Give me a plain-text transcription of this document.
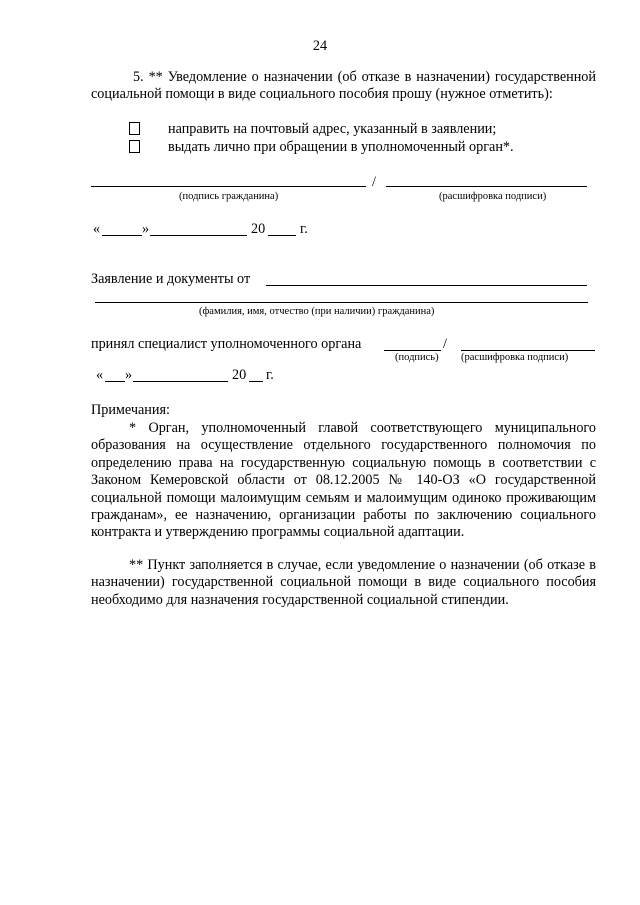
24
5. ** Уведомление о назначении (об отказе в назначении) государственной социальной помощи в виде социального пособия прошу (нужное отметить):
направить на почтовый адрес, указанный в заявлении;
выдать лично при обращении в уполномоченный орган*.
/
(подпись гражданина)	(расшифровка подписи)
«	»	20 г.
Заявление и документы от
(фамилия, имя, отчество (при наличии) гражданина)
принял специалист уполномоченного органа	/
(подпись) (расшифровка подписи)
« »	20 г.
Примечания:
* Орган, уполномоченный главой соответствующего муниципального образования на осуществление отдельного государственного полномочия по определению права на государственную социальную помощь в соответствии с Законом Кемеровской области от 08.12.2005 № 140-ОЗ «О государственной социальной помощи малоимущим семьям и малоимущим одиноко проживающим гражданам», ее назначению, организации работы по заключению социального контракта и утверждению программы социальной адаптации.
** Пункт заполняется в случае, если уведомление о назначении (об отказе в назначении) государственной социальной помощи в виде социального пособия необходимо для назначения государственной социальной стипендии.
